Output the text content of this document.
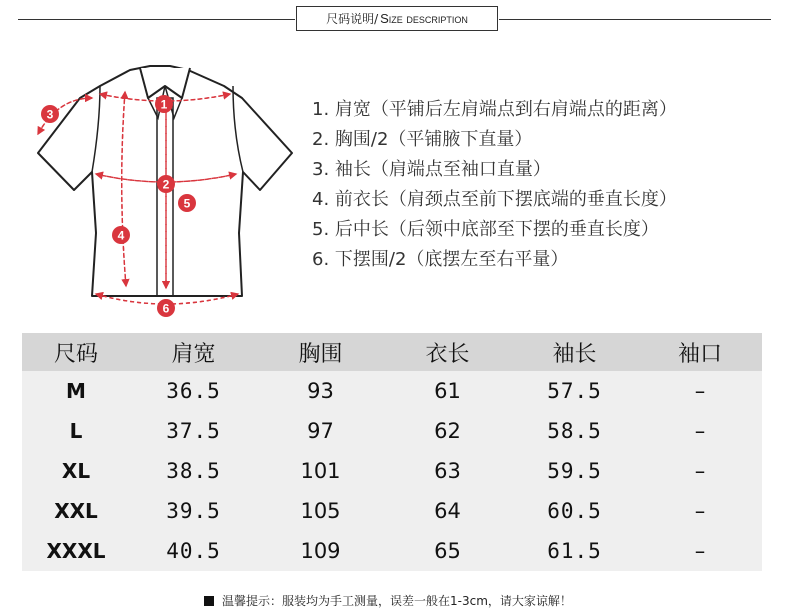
尺码说明/ Size description
1
2
3
4
5
6
1. 肩宽（平铺后左肩端点到右肩端点的距离）
2. 胸围/2（平铺腋下直量）
3. 袖长（肩端点至袖口直量）
4. 前衣长（肩颈点至前下摆底端的垂直长度）
5. 后中长（后领中底部至下摆的垂直长度）
6. 下摆围/2（底摆左至右平量）
尺码	肩宽	胸围	衣长	袖长	袖口
M	36.5	93	61	57.5	–
L	37.5	97	62	58.5	–
XL	38.5	101	63	59.5	–
XXL	39.5	105	64	60.5	–
XXXL	40.5	109	65	61.5	–
温馨提示：服装均为手工测量，误差一般在1-3cm，请大家谅解！
